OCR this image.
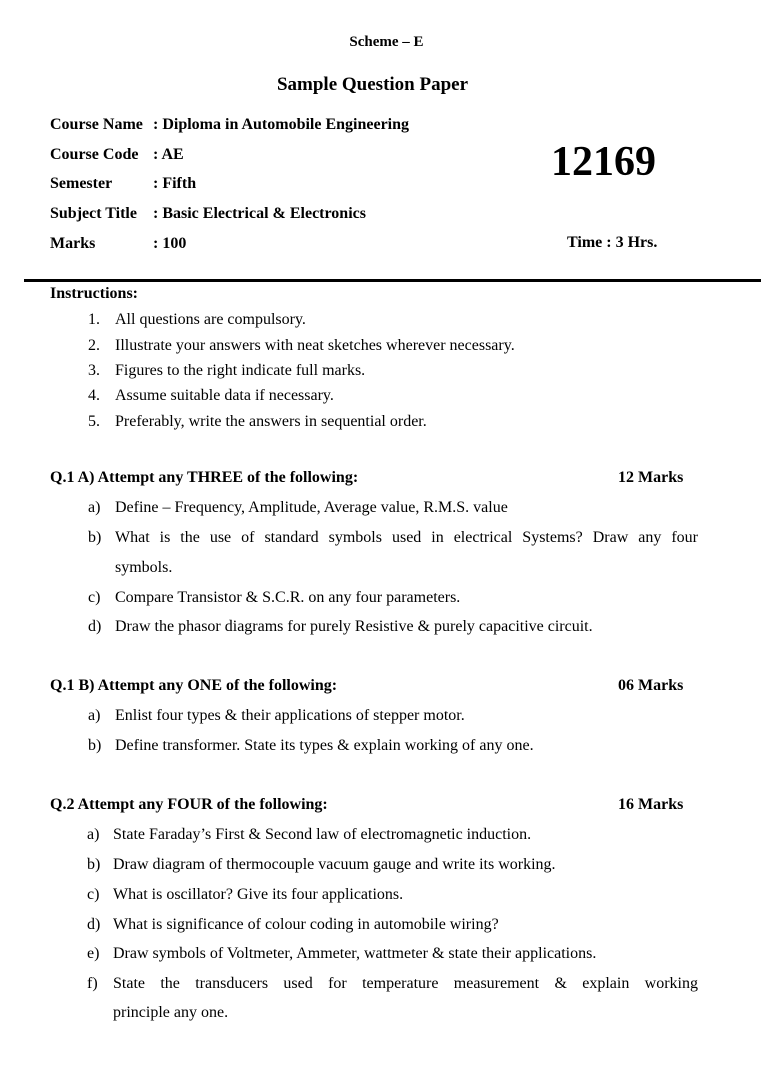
Scheme – E
Sample Question Paper
Course Name : Diploma in Automobile Engineering
Course Code : AE
Semester	: Fifth
Subject Title : Basic Electrical & Electronics
Marks	: 100
12169
Time : 3 Hrs.
Instructions:
1. All questions are compulsory.
2. Illustrate your answers with neat sketches wherever necessary.
3. Figures to the right indicate full marks.
4. Assume suitable data if necessary.
5. Preferably, write the answers in sequential order.
Q.1 A) Attempt any THREE of the following:	12 Marks
a) Define – Frequency, Amplitude, Average value, R.M.S. value
b) What is the use of standard symbols used in electrical Systems? Draw any four
symbols.
c) Compare Transistor & S.C.R. on any four parameters.
d) Draw the phasor diagrams for purely Resistive & purely capacitive circuit.
Q.1 B) Attempt any ONE of the following:	06 Marks
a) Enlist four types & their applications of stepper motor.
b) Define transformer. State its types & explain working of any one.
Q.2 Attempt any FOUR of the following:	16 Marks
a) State Faraday’s First & Second law of electromagnetic induction.
b) Draw diagram of thermocouple vacuum gauge and write its working.
c) What is oscillator? Give its four applications.
d) What is significance of colour coding in automobile wiring?
e) Draw symbols of Voltmeter, Ammeter, wattmeter & state their applications.
f) State the transducers used for temperature measurement & explain working
principle any one.
